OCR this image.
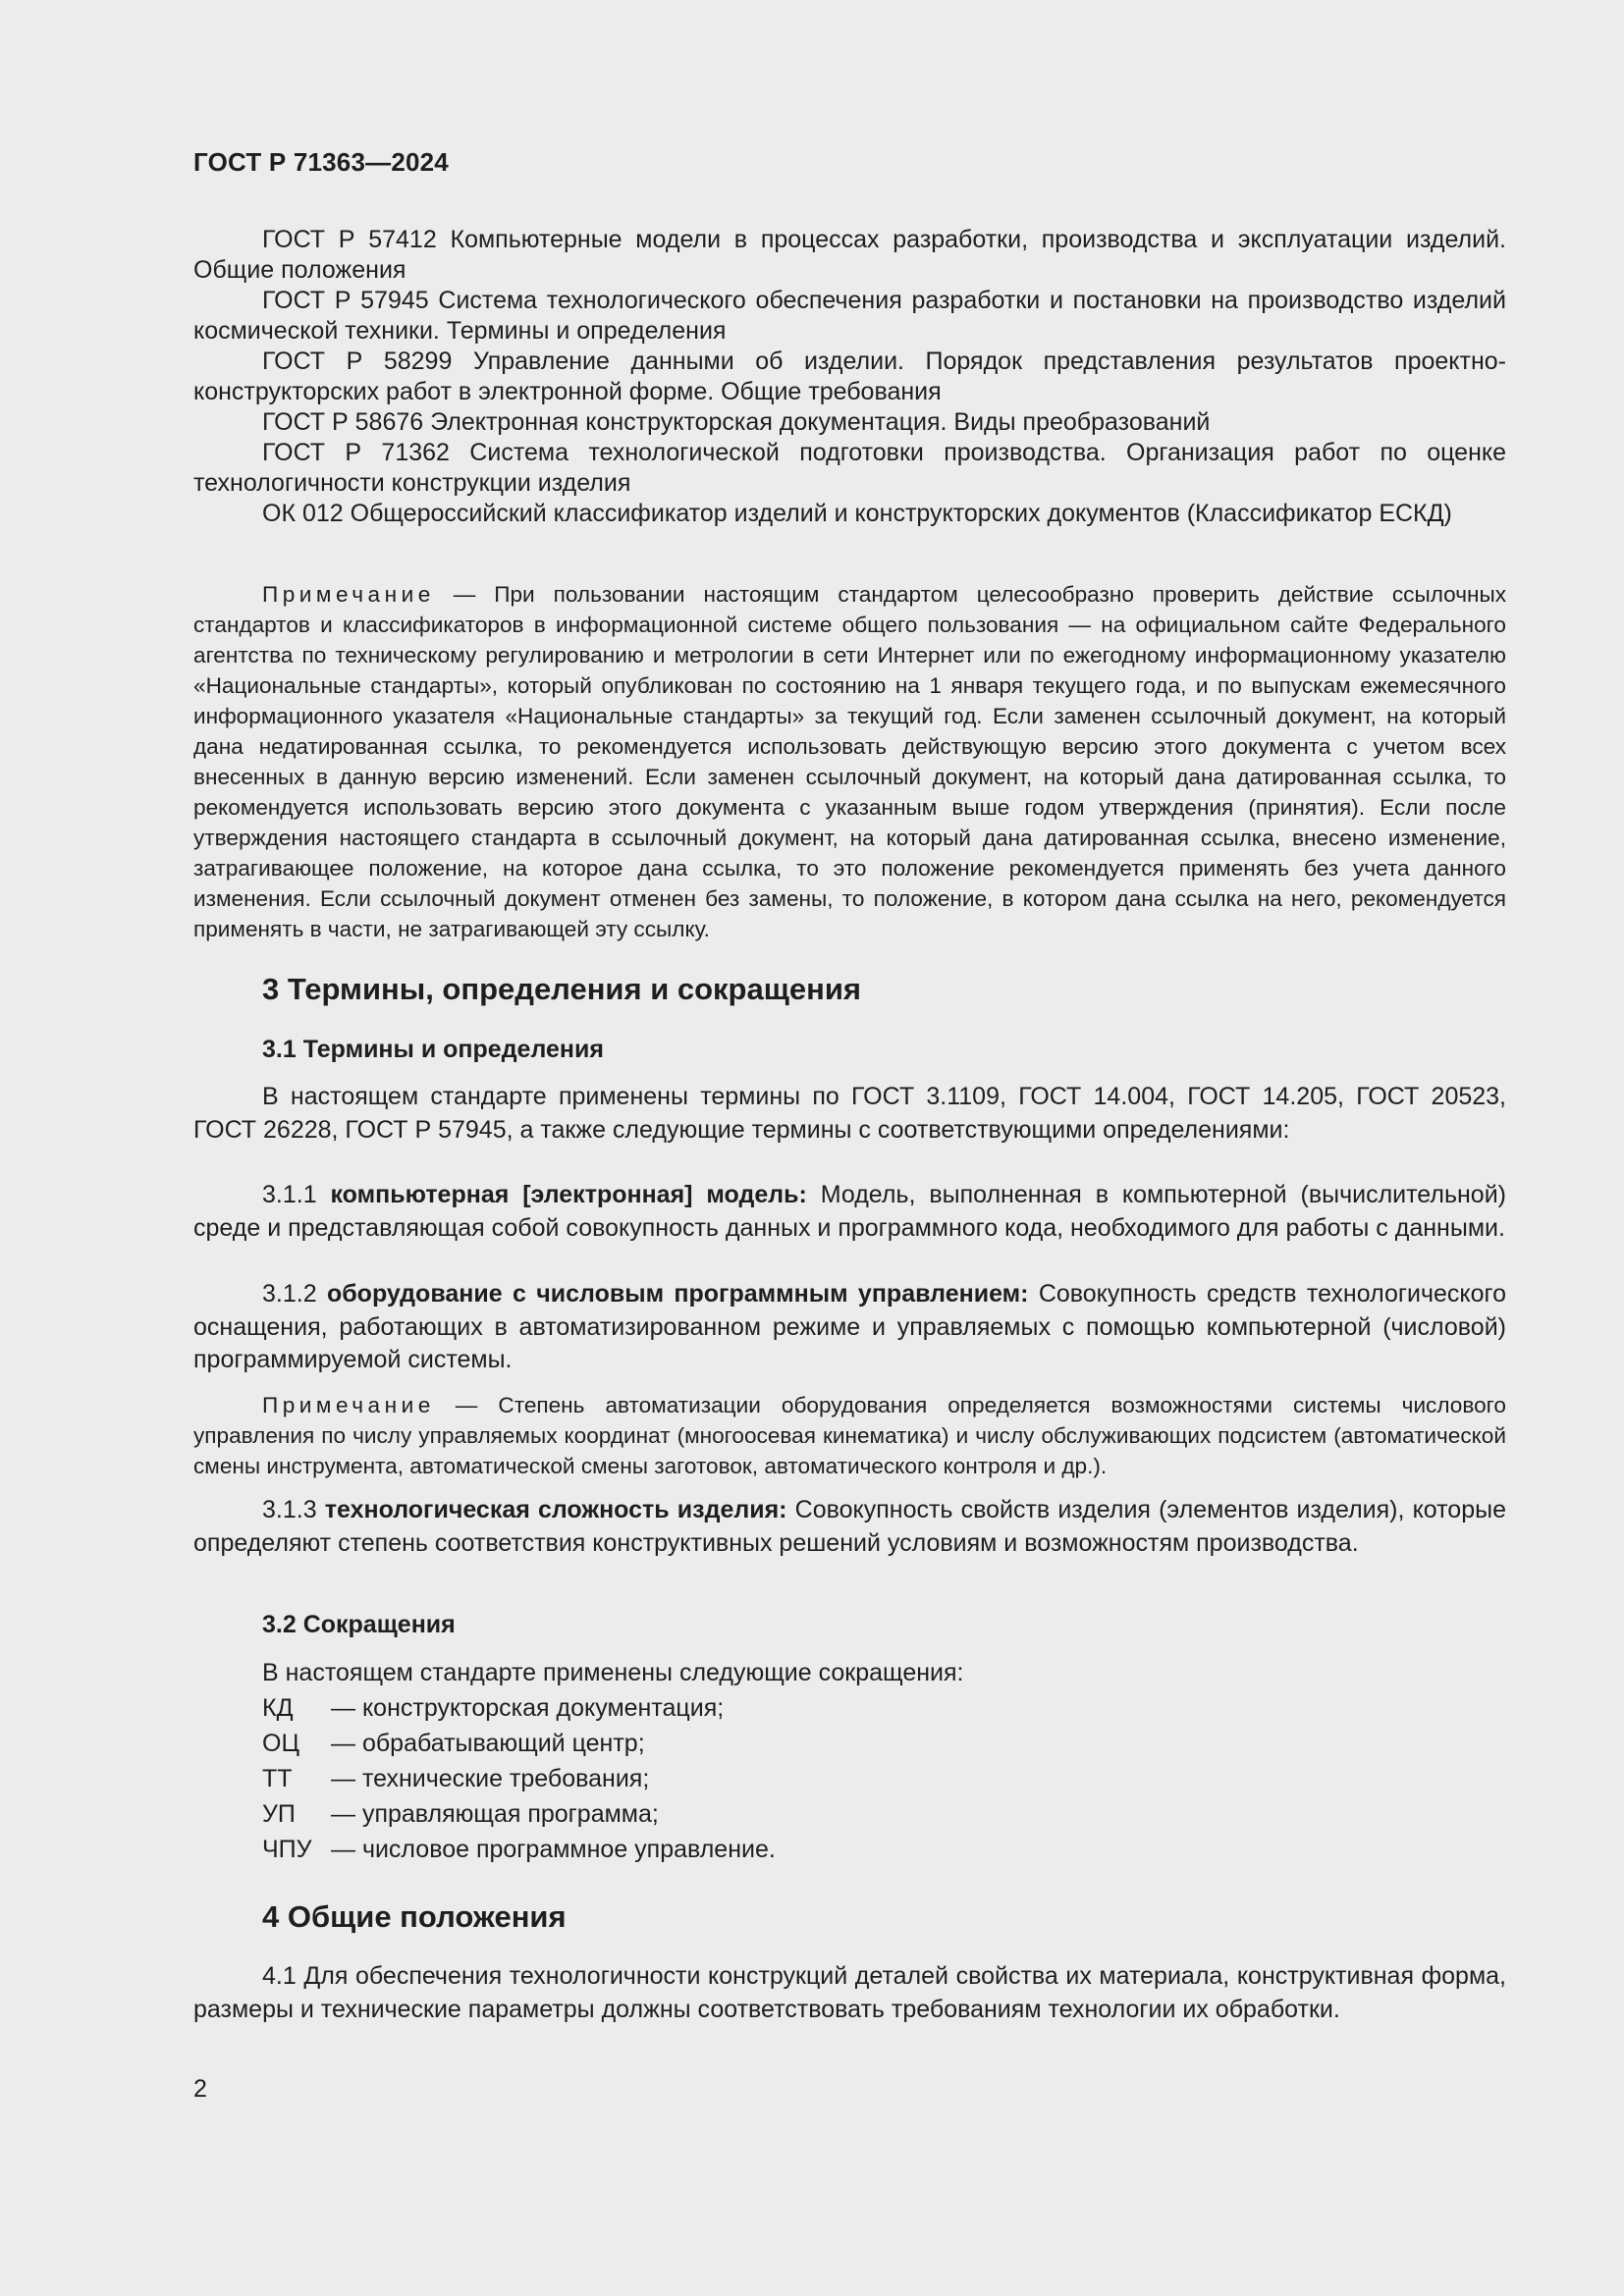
ГОСТ Р 71363—2024

ГОСТ Р 57412 Компьютерные модели в процессах разработки, производства и эксплуатации изделий. Общие положения

ГОСТ Р 57945 Система технологического обеспечения разработки и постановки на производство изделий космической техники. Термины и определения

ГОСТ Р 58299 Управление данными об изделии. Порядок представления результатов проектно-конструкторских работ в электронной форме. Общие требования

ГОСТ Р 58676 Электронная конструкторская документация. Виды преобразований

ГОСТ Р 71362 Система технологической подготовки производства. Организация работ по оценке технологичности конструкции изделия

ОК 012 Общероссийский классификатор изделий и конструкторских документов (Классификатор ЕСКД)

Примечание — При пользовании настоящим стандартом целесообразно проверить действие ссылочных стандартов и классификаторов в информационной системе общего пользования — на официальном сайте Федерального агентства по техническому регулированию и метрологии в сети Интернет или по ежегодному информационному указателю «Национальные стандарты», который опубликован по состоянию на 1 января текущего года, и по выпускам ежемесячного информационного указателя «Национальные стандарты» за текущий год. Если заменен ссылочный документ, на который дана недатированная ссылка, то рекомендуется использовать действующую версию этого документа с учетом всех внесенных в данную версию изменений. Если заменен ссылочный документ, на который дана датированная ссылка, то рекомендуется использовать версию этого документа с указанным выше годом утверждения (принятия). Если после утверждения настоящего стандарта в ссылочный документ, на который дана датированная ссылка, внесено изменение, затрагивающее положение, на которое дана ссылка, то это положение рекомендуется применять без учета данного изменения. Если ссылочный документ отменен без замены, то положение, в котором дана ссылка на него, рекомендуется применять в части, не затрагивающей эту ссылку.

3 Термины, определения и сокращения
3.1 Термины и определения

В настоящем стандарте применены термины по ГОСТ 3.1109, ГОСТ 14.004, ГОСТ 14.205, ГОСТ 20523, ГОСТ 26228, ГОСТ Р 57945, а также следующие термины с соответствующими определениями:

3.1.1 компьютерная [электронная] модель: Модель, выполненная в компьютерной (вычислительной) среде и представляющая собой совокупность данных и программного кода, необходимого для работы с данными.

3.1.2 оборудование с числовым программным управлением: Совокупность средств технологического оснащения, работающих в автоматизированном режиме и управляемых с помощью компьютерной (числовой) программируемой системы.

Примечание — Степень автоматизации оборудования определяется возможностями системы числового управления по числу управляемых координат (многоосевая кинематика) и числу обслуживающих подсистем (автоматической смены инструмента, автоматической смены заготовок, автоматического контроля и др.).

3.1.3 технологическая сложность изделия: Совокупность свойств изделия (элементов изделия), которые определяют степень соответствия конструктивных решений условиям и возможностям производства.

3.2 Сокращения

В настоящем стандарте применены следующие сокращения:

КД	— конструкторская документация;
ОЦ	— обрабатывающий центр;
ТТ	— технические требования;
УП	— управляющая программа;
ЧПУ — числовое программное управление.
4 Общие положения

4.1 Для обеспечения технологичности конструкций деталей свойства их материала, конструктивная форма, размеры и технические параметры должны соответствовать требованиям технологии их обработки.

2
